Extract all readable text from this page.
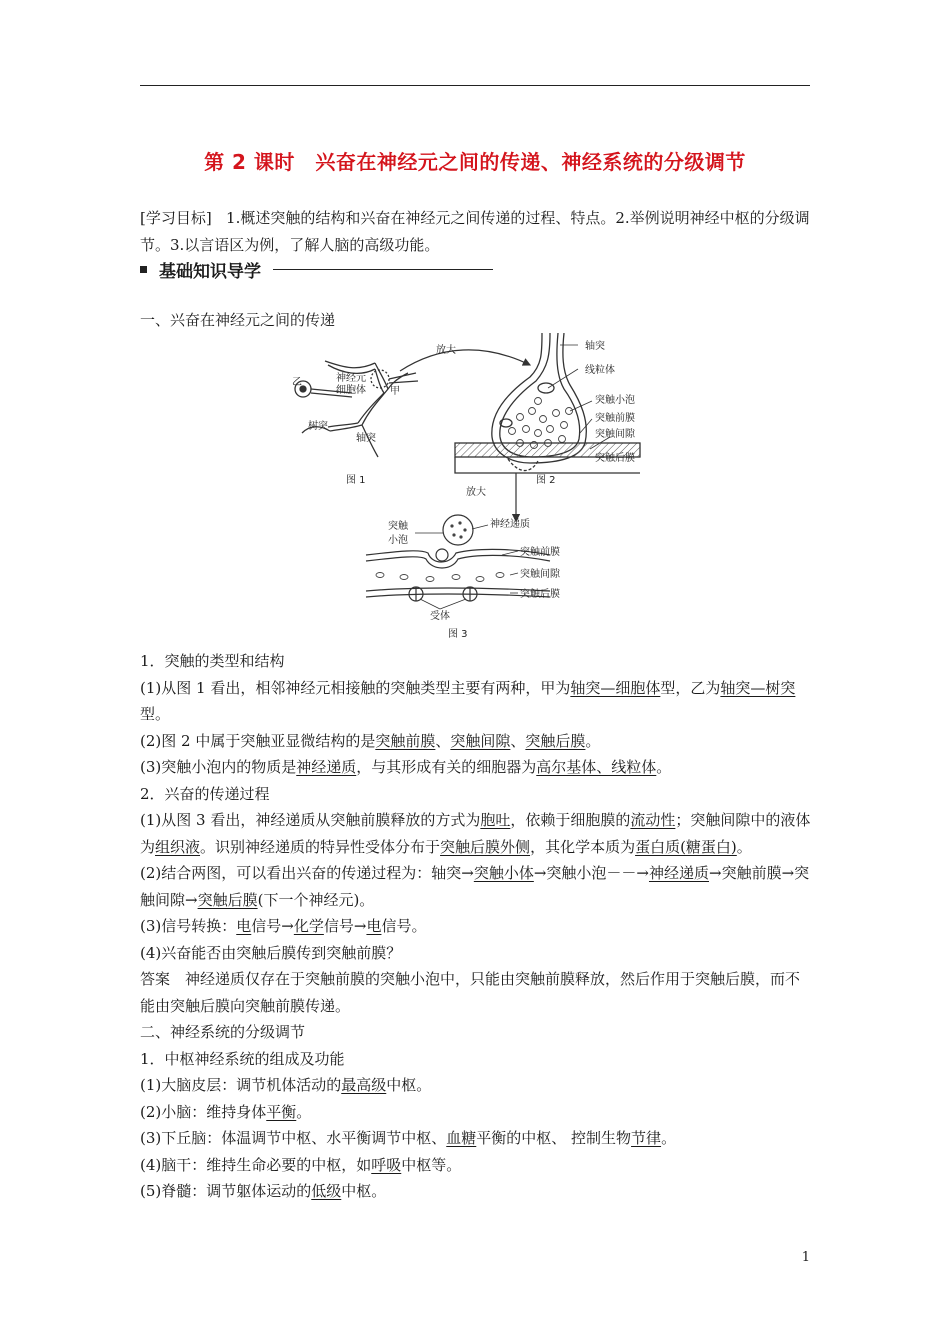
第 2 课时　兴奋在神经元之间的传递、神经系统的分级调节
[学习目标] 1.概述突触的结构和兴奋在神经元之间传递的过程、特点。2.举例说明神经中枢的分级调节。3.以言语区为例，了解人脑的高级功能。
基础知识导学
一、兴奋在神经元之间的传递
乙
甲
神经元
细胞体
树突
轴突
图 1
放大	轴突
线粒体
突触小泡
突触前膜
突触间隙
突触后膜
图 2
放大
突触
小泡
神经递质
突触前膜
突触间隙
突触后膜
受体
图 3
1．突触的类型和结构
(1)从图 1 看出，相邻神经元相接触的突触类型主要有两种，甲为轴突—细胞体型，乙为轴突—树突型。
(2)图 2 中属于突触亚显微结构的是突触前膜、突触间隙、突触后膜。
(3)突触小泡内的物质是神经递质，与其形成有关的细胞器为高尔基体、线粒体。
2．兴奋的传递过程
(1)从图 3 看出，神经递质从突触前膜释放的方式为胞吐，依赖于细胞膜的流动性；突触间隙中的液体为组织液。识别神经递质的特异性受体分布于突触后膜外侧，其化学本质为蛋白质(糖蛋白)。
(2)结合两图，可以看出兴奋的传递过程为：轴突→突触小体→突触小泡－－→神经递质→突触前膜→突触间隙→突触后膜(下一个神经元)。
(3)信号转换：电信号→化学信号→电信号。
(4)兴奋能否由突触后膜传到突触前膜？
答案　神经递质仅存在于突触前膜的突触小泡中，只能由突触前膜释放，然后作用于突触后膜，而不能由突触后膜向突触前膜传递。
二、神经系统的分级调节
1．中枢神经系统的组成及功能
(1)大脑皮层：调节机体活动的最高级中枢。
(2)小脑：维持身体平衡。
(3)下丘脑：体温调节中枢、水平衡调节中枢、血糖平衡的中枢、 控制生物节律。
(4)脑干：维持生命必要的中枢，如呼吸中枢等。
(5)脊髓：调节躯体运动的低级中枢。
1
